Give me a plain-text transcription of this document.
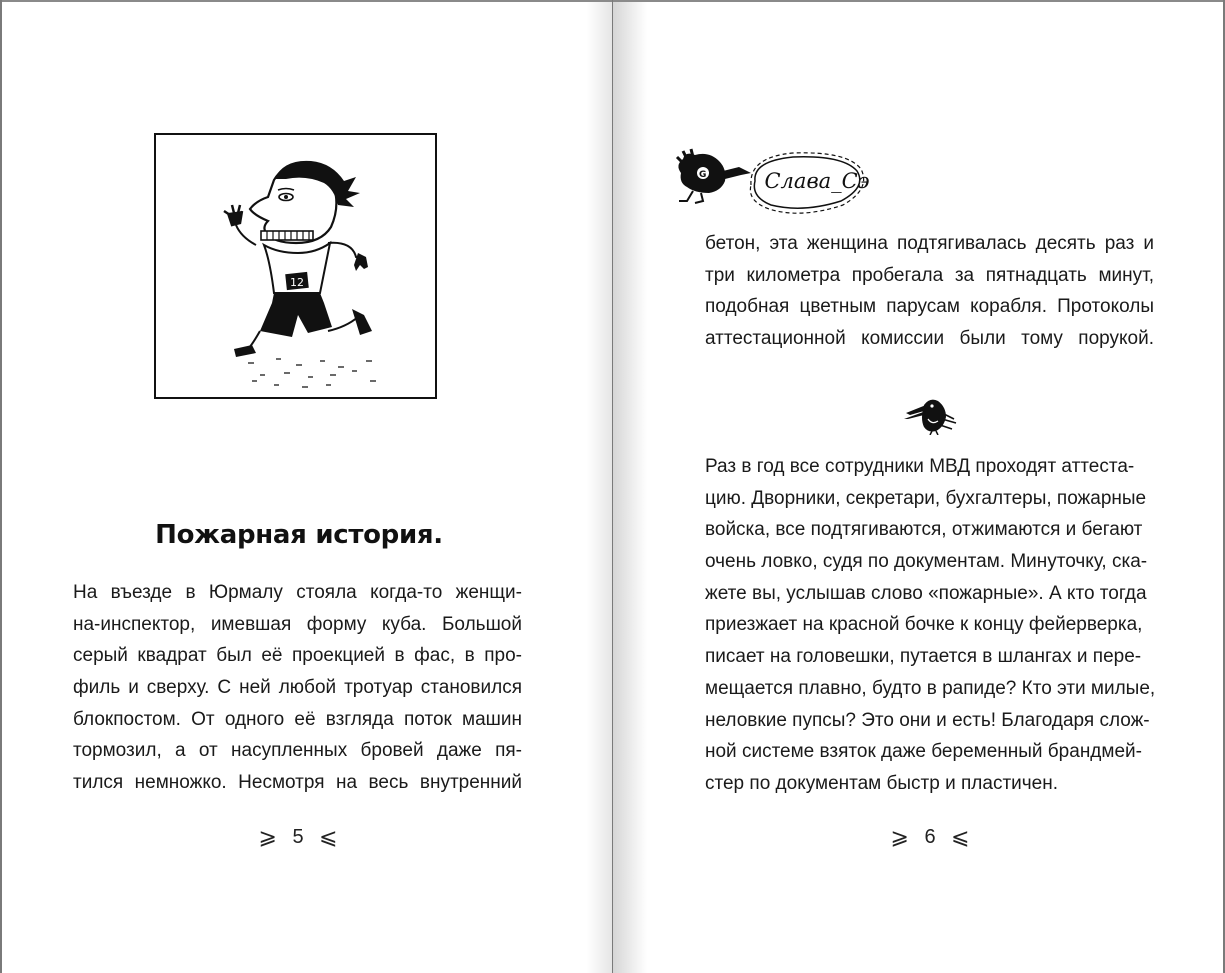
12
Пожарная история.
На въезде в Юрмалу стояла когда-то женщи-
на-инспектор, имевшая форму куба. Большой
серый квадрат был её проекцией в фас, в про-
филь и сверху. С ней любой тротуар становился
блокпостом. От одного её взгляда поток машин
тормозил, а от насупленных бровей даже пя-
тился немножко. Несмотря на весь внутренний
⩾ 5 ⩽
G	Слава_Сэ
бетон, эта женщина подтягивалась десять раз и
три километра пробегала за пятнадцать минут,
подобная цветным парусам корабля. Протоколы
аттестационной комиссии были тому порукой.
Раз в год все сотрудники МВД проходят аттеста-
цию. Дворники, секретари, бухгалтеры, пожарные
войска, все подтягиваются, отжимаются и бегают
очень ловко, судя по документам. Минуточку, ска-
жете вы, услышав слово «пожарные». А кто тогда
приезжает на красной бочке к концу фейерверка,
писает на головешки, путается в шлангах и пере-
мещается плавно, будто в рапиде? Кто эти милые,
неловкие пупсы? Это они и есть! Благодаря слож-
ной системе взяток даже беременный брандмей-
стер по документам быстр и пластичен.
⩾ 6 ⩽
